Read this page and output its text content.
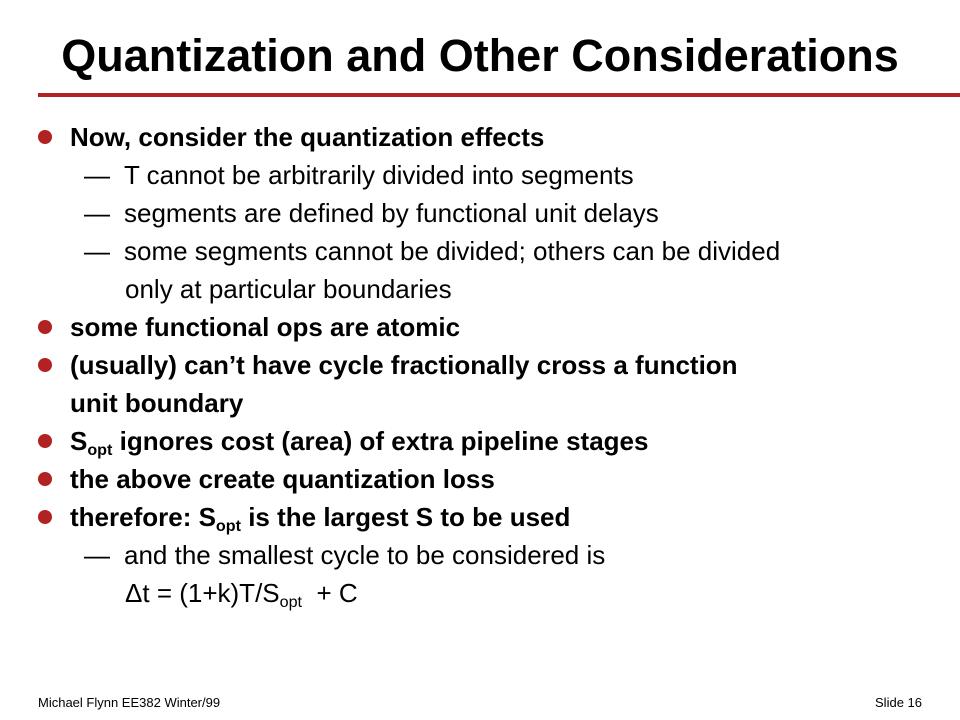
Quantization and Other Considerations
Now, consider the quantization effects
— T cannot be arbitrarily divided into segments
— segments are defined by functional unit delays
— some segments cannot be divided; others can be divided
only at particular boundaries
some functional ops are atomic
(usually) can’t have cycle fractionally cross a function
unit boundary
$S_{opt}$ ignores cost (area) of extra pipeline stages
the above create quantization loss
therefore: $S_{opt}$ is the largest S to be used
— and the smallest cycle to be considered is
$\Delta t = (1+k)T/S_{opt} + C$
Michael Flynn EE382 Winter/99	Slide 16
